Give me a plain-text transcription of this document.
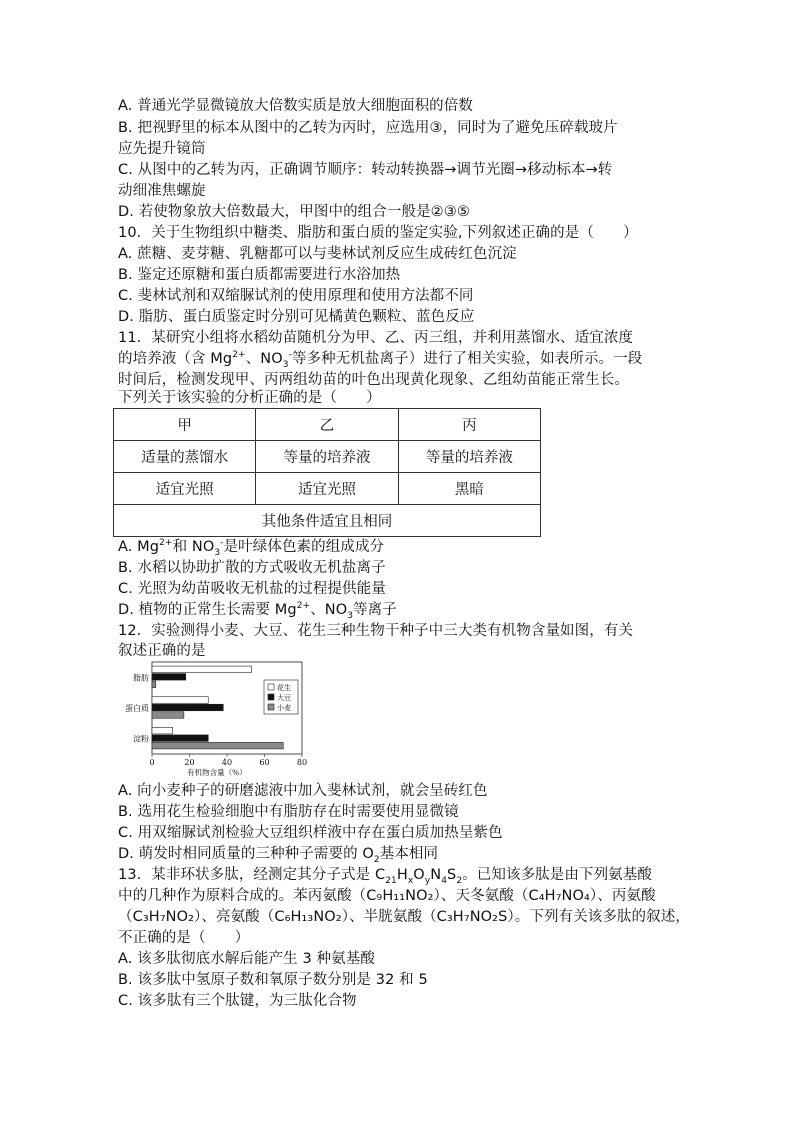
A. 普通光学显微镜放大倍数实质是放大细胞面积的倍数
B. 把视野里的标本从图中的乙转为丙时，应选用③，同时为了避免压碎载玻片
应先提升镜筒
C. 从图中的乙转为丙，正确调节顺序：转动转换器→调节光圈→移动标本→转
动细准焦螺旋
D. 若使物象放大倍数最大，甲图中的组合一般是②③⑤
10．关于生物组织中糖类、脂肪和蛋白质的鉴定实验,下列叙述正确的是（　　）
A. 蔗糖、麦芽糖、乳糖都可以与斐林试剂反应生成砖红色沉淀
B. 鉴定还原糖和蛋白质都需要进行水浴加热
C. 斐林试剂和双缩脲试剂的使用原理和使用方法都不同
D. 脂肪、蛋白质鉴定时分别可见橘黄色颗粒、蓝色反应
11．某研究小组将水稻幼苗随机分为甲、乙、丙三组，并利用蒸馏水、适宜浓度
的培养液（含 $Mg^{2+}$、$NO_3^-$等多种无机盐离子）进行了相关实验，如表所示。一段
时间后，检测发现甲、丙两组幼苗的叶色出现黄化现象、乙组幼苗能正常生长。
下列关于该实验的分析正确的是（　　）
甲	乙	丙
适量的蒸馏水	等量的培养液	等量的培养液
适宜光照	适宜光照	黑暗
其他条件适宜且相同		
A. $Mg^{2+}$和 $NO_3^-$是叶绿体色素的组成成分
B. 水稻以协助扩散的方式吸收无机盐离子
C. 光照为幼苗吸收无机盐的过程提供能量
D. 植物的正常生长需要 $Mg^{2+}$、$NO_3$等离子
12．实验测得小麦、大豆、花生三种生物干种子中三大类有机物含量如图，有关
叙述正确的是
脂肪
蛋白质
淀粉
0	20	40	60	80
有机物含量（%）
花生
大豆
小麦
A. 向小麦种子的研磨滤液中加入斐林试剂，就会呈砖红色
B. 选用花生检验细胞中有脂肪存在时需要使用显微镜
C. 用双缩脲试剂检验大豆组织样液中存在蛋白质加热呈紫色
D. 萌发时相同质量的三种种子需要的 $O_2$基本相同
13．某非环状多肽，经测定其分子式是 $C_{21}H_xO_yN_4S_2$。已知该多肽是由下列氨基酸
中的几种作为原料合成的。苯丙氨酸（C₉H₁₁NO₂）、天冬氨酸（C₄H₇NO₄）、丙氨酸
（C₃H₇NO₂）、亮氨酸（C₆H₁₃NO₂）、半胱氨酸（C₃H₇NO₂S）。下列有关该多肽的叙述，
不正确的是（　　）
A. 该多肽彻底水解后能产生 3 种氨基酸
B. 该多肽中氢原子数和氧原子数分别是 32 和 5
C. 该多肽有三个肽键，为三肽化合物
